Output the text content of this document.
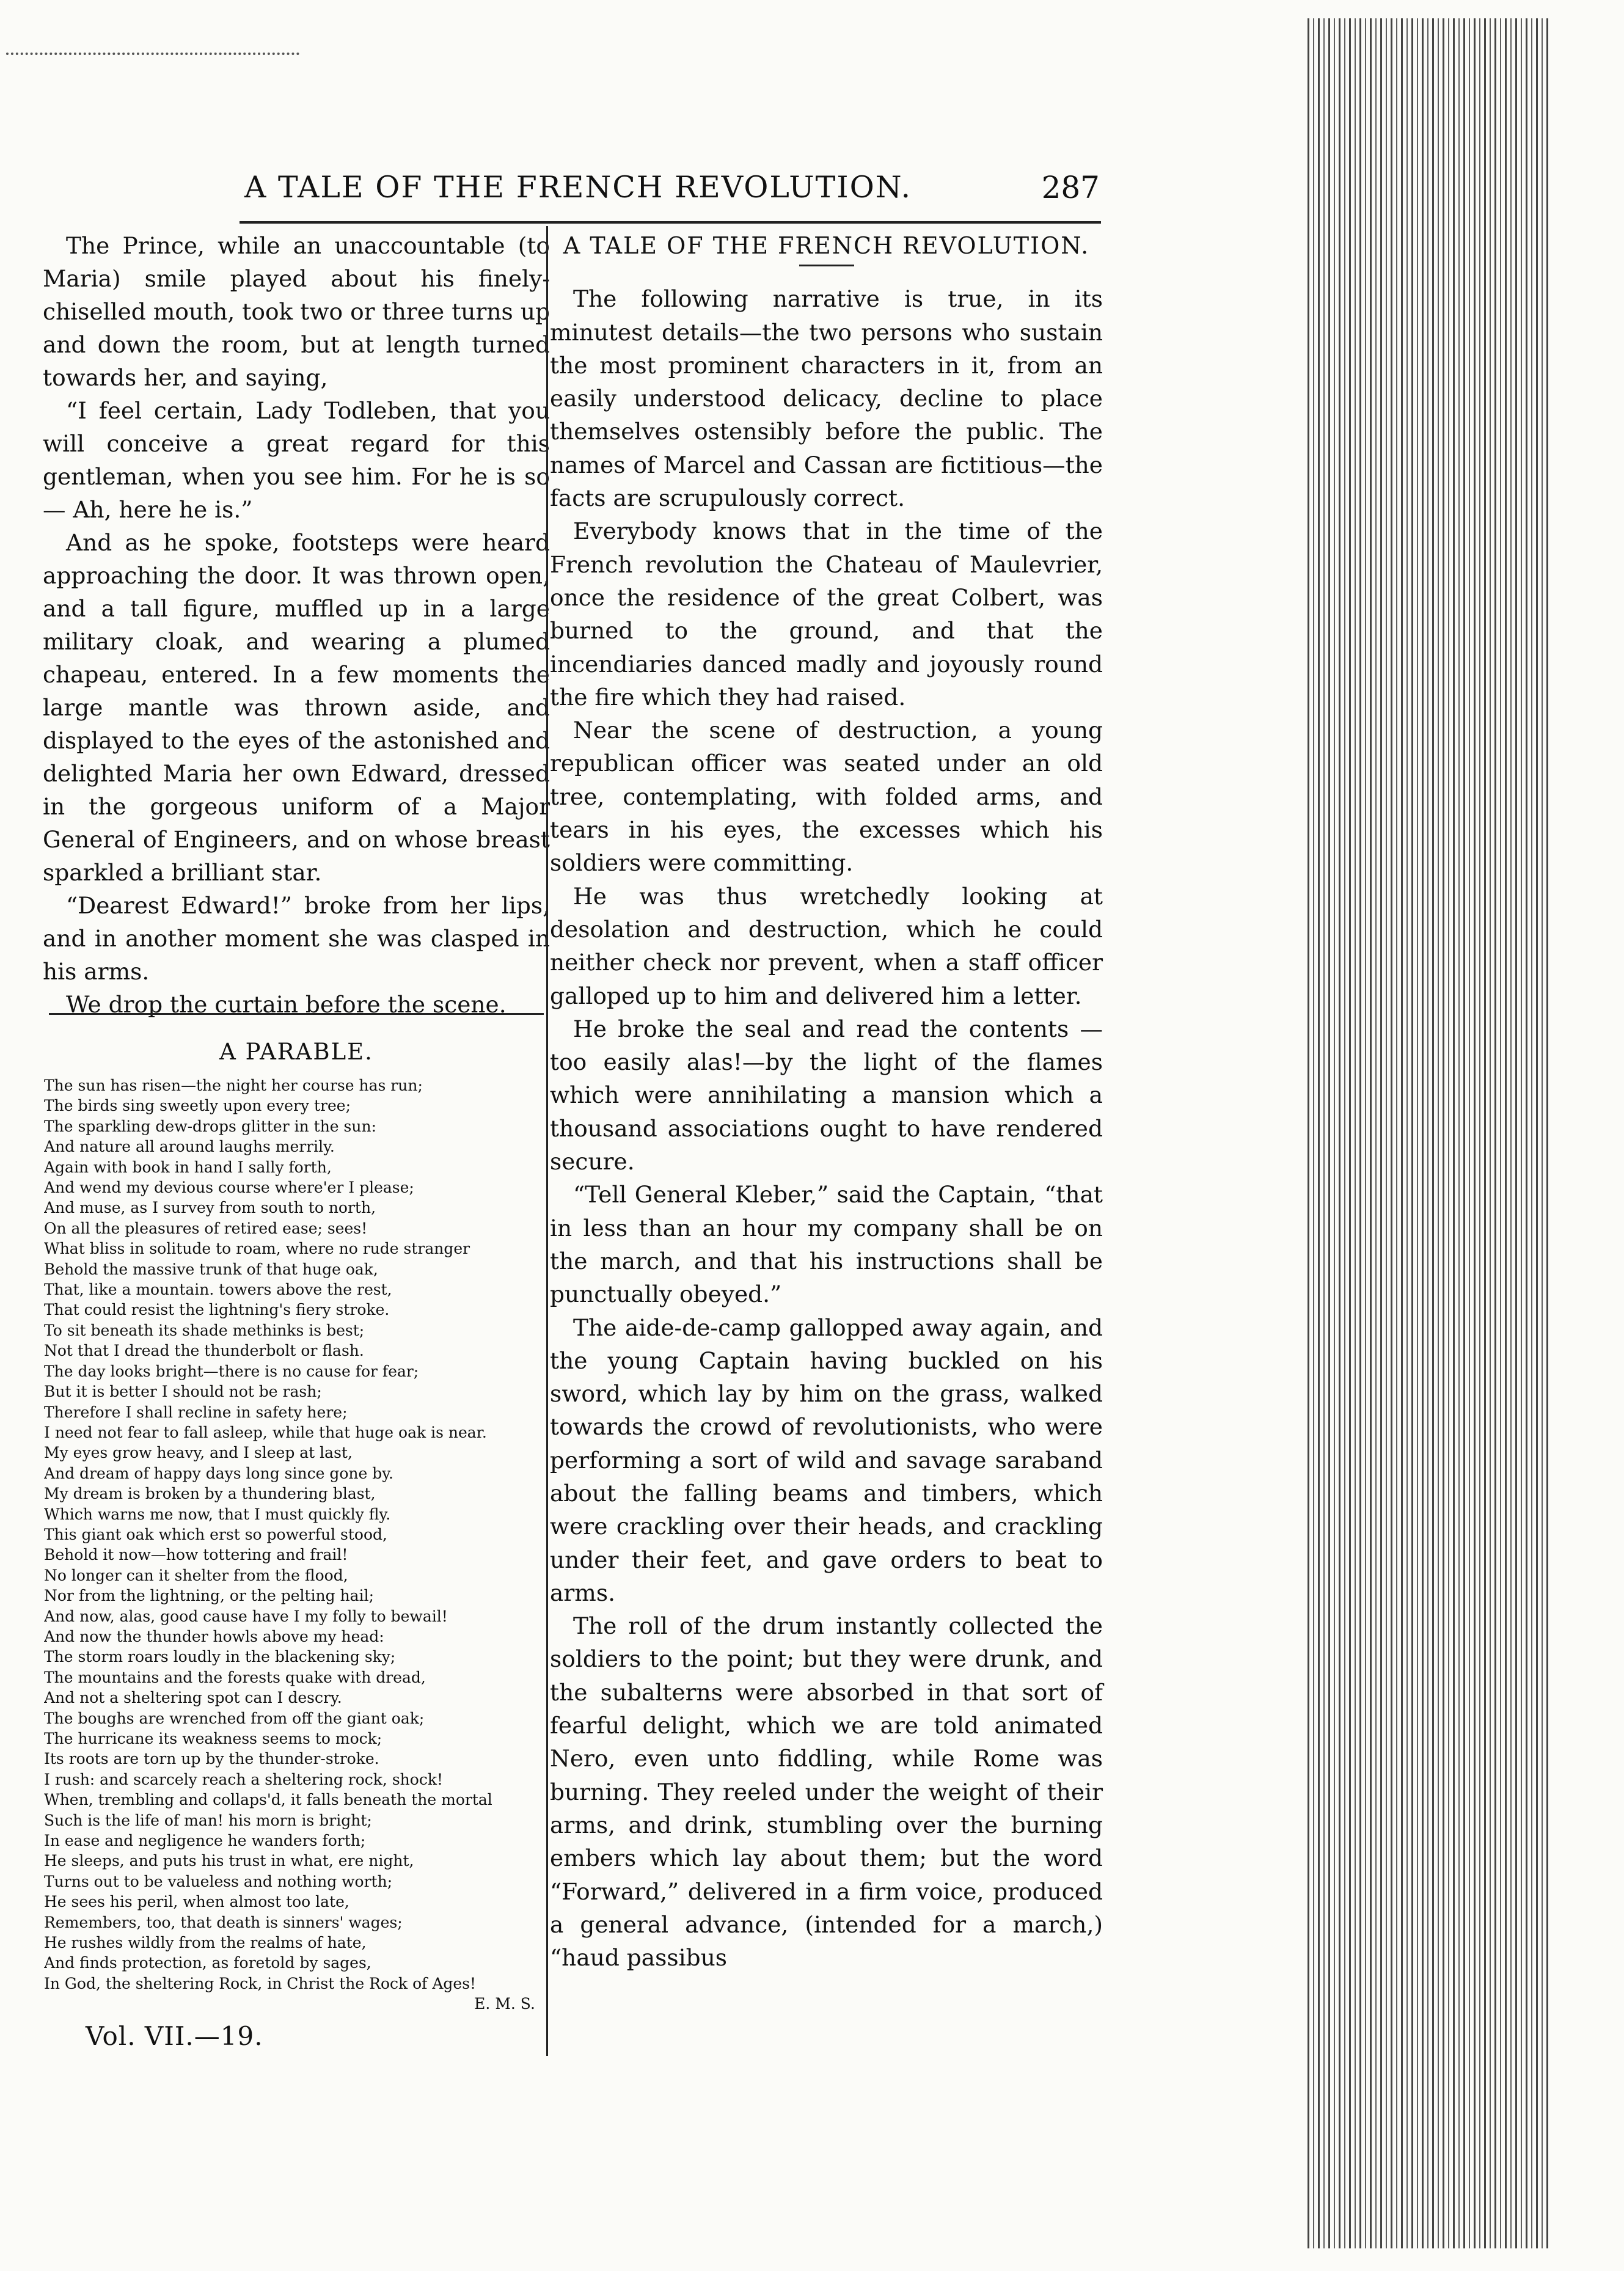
A TALE OF THE FRENCH REVOLUTION.	287

The Prince, while an unaccountable (to Maria) smile played about his finely-chiselled mouth, took two or three turns up and down the room, but at length turned towards her, and saying,

“I feel certain, Lady Todleben, that you will conceive a great regard for this gentleman, when you see him. For he is so— Ah, here he is.”

And as he spoke, footsteps were heard approaching the door. It was thrown open, and a tall figure, muffled up in a large military cloak, and wearing a plumed chapeau, entered. In a few moments the large mantle was thrown aside, and displayed to the eyes of the astonished and delighted Maria her own Edward, dressed in the gorgeous uniform of a Major General of Engineers, and on whose breast sparkled a brilliant star.

“Dearest Edward!” broke from her lips, and in another moment she was clasped in his arms.

We drop the curtain before the scene.

A PARABLE.
The sun has risen—the night her course has run;
The birds sing sweetly upon every tree;
The sparkling dew-drops glitter in the sun:
And nature all around laughs merrily.
Again with book in hand I sally forth,
And wend my devious course where'er I please;
And muse, as I survey from south to north,
On all the pleasures of retired ease; sees!
What bliss in solitude to roam, where no rude stranger
Behold the massive trunk of that huge oak,
That, like a mountain. towers above the rest,
That could resist the lightning's fiery stroke.
To sit beneath its shade methinks is best;
Not that I dread the thunderbolt or flash.
The day looks bright—there is no cause for fear;
But it is better I should not be rash;
Therefore I shall recline in safety here;
I need not fear to fall asleep, while that huge oak is near.
My eyes grow heavy, and I sleep at last,
And dream of happy days long since gone by.
My dream is broken by a thundering blast,
Which warns me now, that I must quickly fly.
This giant oak which erst so powerful stood,
Behold it now—how tottering and frail!
No longer can it shelter from the flood,
Nor from the lightning, or the pelting hail;
And now, alas, good cause have I my folly to bewail!
And now the thunder howls above my head:
The storm roars loudly in the blackening sky;
The mountains and the forests quake with dread,
And not a sheltering spot can I descry.
The boughs are wrenched from off the giant oak;
The hurricane its weakness seems to mock;
Its roots are torn up by the thunder-stroke.
I rush: and scarcely reach a sheltering rock, shock!
When, trembling and collaps'd, it falls beneath the mortal
Such is the life of man! his morn is bright;
In ease and negligence he wanders forth;
He sleeps, and puts his trust in what, ere night,
Turns out to be valueless and nothing worth;
He sees his peril, when almost too late,
Remembers, too, that death is sinners' wages;
He rushes wildly from the realms of hate,
And finds protection, as foretold by sages,
In God, the sheltering Rock, in Christ the Rock of Ages!
E. M. S.
Vol. VII.—19.
A TALE OF THE FRENCH REVOLUTION.

The following narrative is true, in its minutest details—the two persons who sustain the most prominent characters in it, from an easily understood delicacy, decline to place themselves ostensibly before the public. The names of Marcel and Cassan are fictitious—the facts are scrupulously correct.

Everybody knows that in the time of the French revolution the Chateau of Maulevrier, once the residence of the great Colbert, was burned to the ground, and that the incendiaries danced madly and joyously round the fire which they had raised.

Near the scene of destruction, a young republican officer was seated under an old tree, contemplating, with folded arms, and tears in his eyes, the excesses which his soldiers were committing.

He was thus wretchedly looking at desolation and destruction, which he could neither check nor prevent, when a staff officer galloped up to him and delivered him a letter.

He broke the seal and read the contents —too easily alas!—by the light of the flames which were annihilating a mansion which a thousand associations ought to have rendered secure.

“Tell General Kleber,” said the Captain, “that in less than an hour my company shall be on the march, and that his instructions shall be punctually obeyed.”

The aide-de-camp gallopped away again, and the young Captain having buckled on his sword, which lay by him on the grass, walked towards the crowd of revolutionists, who were performing a sort of wild and savage saraband about the falling beams and timbers, which were crackling over their heads, and crackling under their feet, and gave orders to beat to arms.

The roll of the drum instantly collected the soldiers to the point; but they were drunk, and the subalterns were absorbed in that sort of fearful delight, which we are told animated Nero, even unto fiddling, while Rome was burning. They reeled under the weight of their arms, and drink, stumbling over the burning embers which lay about them; but the word “Forward,” delivered in a firm voice, produced a general advance, (intended for a march,) “haud passibus
